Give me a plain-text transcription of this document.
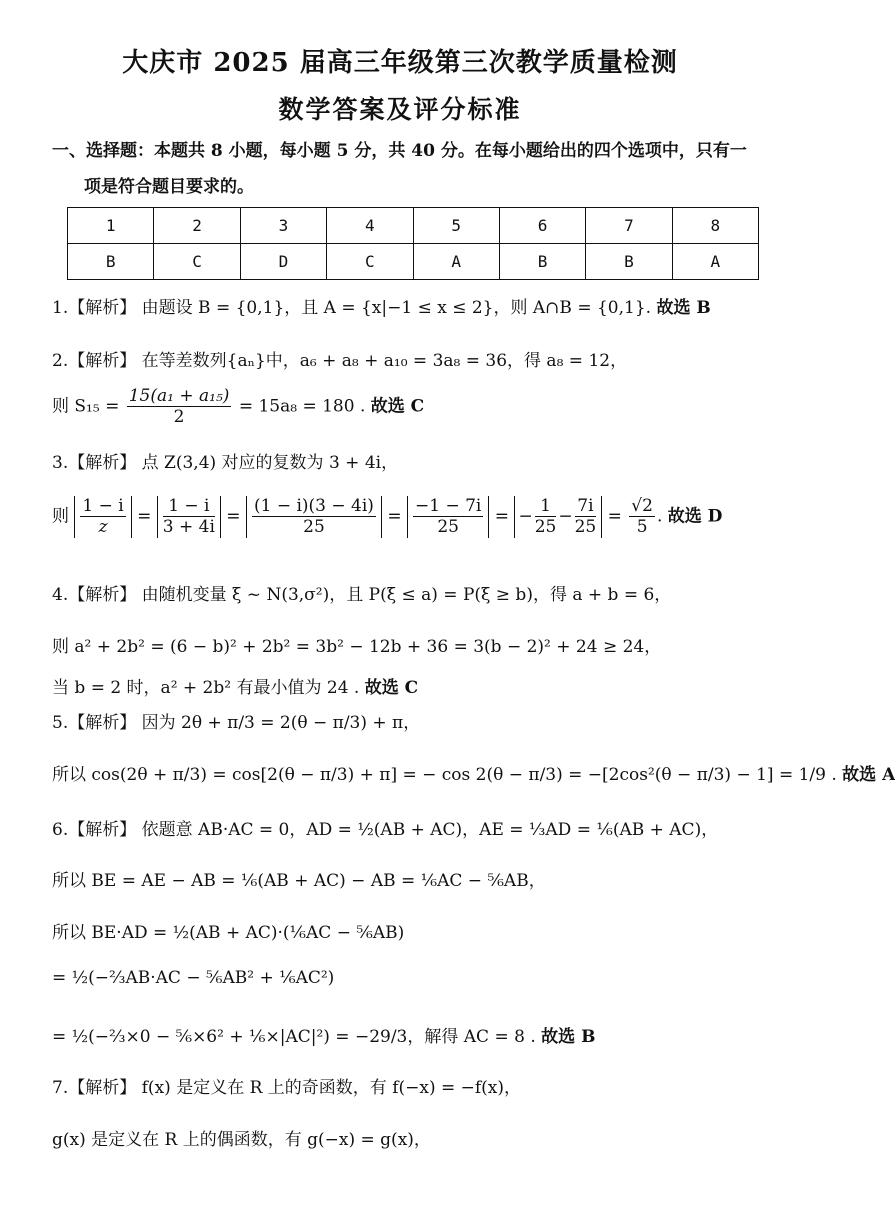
大庆市 2025 届高三年级第三次教学质量检测
数学答案及评分标准
一、选择题：本题共 8 小题，每小题 5 分，共 40 分。在每小题给出的四个选项中，只有一
项是符合题目要求的。
1	2	3	4	5	6	7	8
B	C	D	C	A	B	B	A
1.【解析】 由题设 B = {0,1}，且 A = {x|−1 ≤ x ≤ 2}，则 A∩B = {0,1}. 故选 B
2.【解析】 在等差数列{aₙ}中，a₆ + a₈ + a₁₀ = 3a₈ = 36，得 a₈ = 12，
则 $S_{15} = \frac{\text{15(a₁ + a₁₅)}}{2} = 15a_8 = 180$ . 故选 C
3.【解析】 点 Z(3,4) 对应的复数为 3 + 4i，
则 $\frac{1 - i}{z} = \frac{1 - i}{3 + 4i} = \frac{(1 - i)(3 - 4i)}{25} = \frac{-1 - 7i}{25}$ = − $\frac{1}{25} - \frac{7i}{25} = \frac{√2}{5}$ . 故选 D
4.【解析】 由随机变量 ξ ~ N(3,σ²)，且 P(ξ ≤ a) = P(ξ ≥ b)，得 a + b = 6，
则 a² + 2b² = (6 − b)² + 2b² = 3b² − 12b + 36 = 3(b − 2)² + 24 ≥ 24，
当 b = 2 时，a² + 2b² 有最小值为 24 . 故选 C
5.【解析】 因为 2θ + π/3 = 2(θ − π/3) + π，
所以 cos(2θ + π/3) = cos[2(θ − π/3) + π] = − cos 2(θ − π/3) = −[2cos²(θ − π/3) − 1] = 1/9 . 故选 A
6.【解析】 依题意 AB·AC = 0，AD = ½(AB + AC)，AE = ⅓AD = ⅙(AB + AC)，
所以 BE = AE − AB = ⅙(AB + AC) − AB = ⅙AC − ⅚AB，
所以 BE·AD = ½(AB + AC)·(⅙AC − ⅚AB)
= ½(−⅔AB·AC − ⅚AB² + ⅙AC²)
= ½(−⅔×0 − ⅚×6² + ⅙×|AC|²) = −29/3，解得 AC = 8 . 故选 B
7.【解析】 f(x) 是定义在 R 上的奇函数，有 f(−x) = −f(x)，
g(x) 是定义在 R 上的偶函数，有 g(−x) = g(x)，
